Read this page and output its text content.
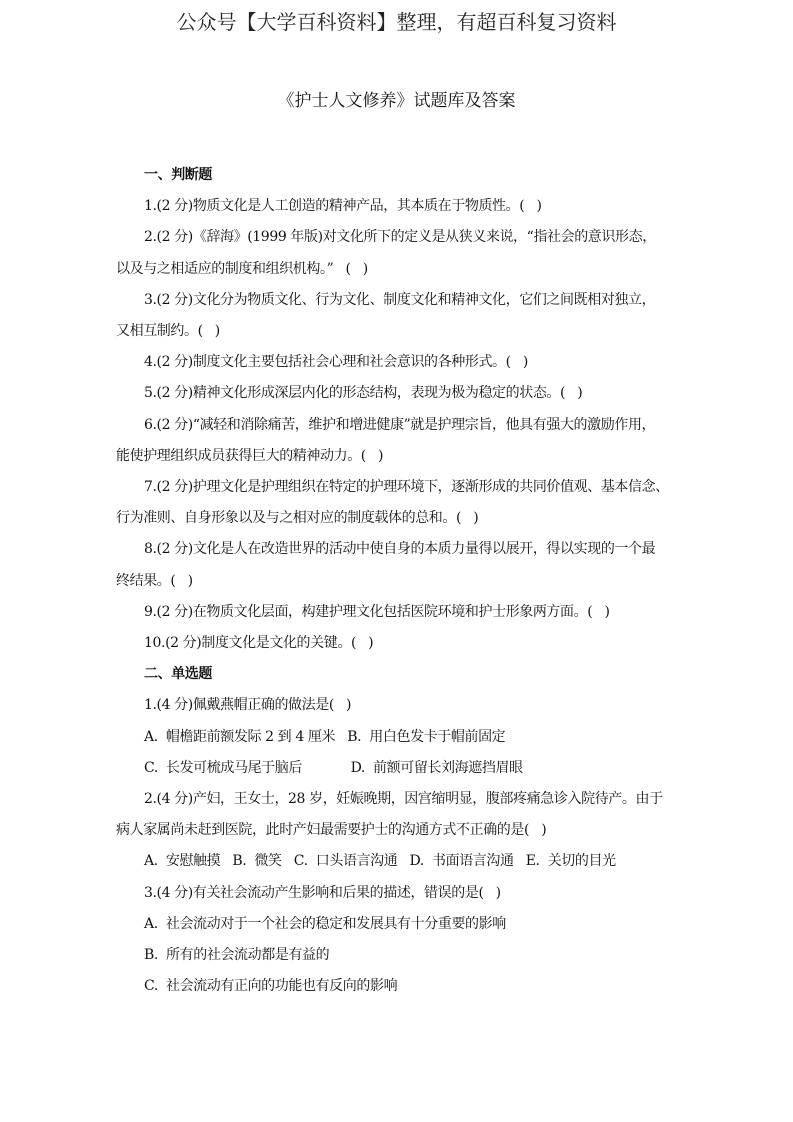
公众号【大学百科资料】整理，有超百科复习资料
《护士人文修养》试题库及答案
一、判断题
1.(2 分)物质文化是人工创造的精神产品，其本质在于物质性。(   )
2.(2 分)《辞海》(1999 年版)对文化所下的定义是从狭义来说，“指社会的意识形态，
以及与之相适应的制度和组织机构。”   (   )
3.(2 分)文化分为物质文化、行为文化、制度文化和精神文化，它们之间既相对独立，
又相互制约。(   )
4.(2 分)制度文化主要包括社会心理和社会意识的各种形式。(   )
5.(2 分)精神文化形成深层内化的形态结构，表现为极为稳定的状态。(   )
6.(2 分)“减轻和消除痛苦，维护和增进健康”就是护理宗旨，他具有强大的激励作用，
能使护理组织成员获得巨大的精神动力。(   )
7.(2 分)护理文化是护理组织在特定的护理环境下，逐渐形成的共同价值观、基本信念、
行为准则、自身形象以及与之相对应的制度载体的总和。(   )
8.(2 分)文化是人在改造世界的活动中使自身的本质力量得以展开，得以实现的一个最
终结果。(   )
9.(2 分)在物质文化层面，构建护理文化包括医院环境和护士形象两方面。(   )
10.(2 分)制度文化是文化的关键。(   )
二、单选题
1.(4 分)佩戴燕帽正确的做法是(   )
A.  帽檐距前额发际 2 到 4 厘米   B.  用白色发卡于帽前固定
C.  长发可梳成马尾于脑后            D.  前额可留长刘海遮挡眉眼
2.(4 分)产妇，王女士，28 岁，妊娠晚期，因宫缩明显，腹部疼痛急诊入院待产。由于
病人家属尚未赶到医院，此时产妇最需要护士的沟通方式不正确的是(   )
A.  安慰触摸   B.  微笑   C.  口头语言沟通   D.  书面语言沟通   E.  关切的目光
3.(4 分)有关社会流动产生影响和后果的描述，错误的是(   )
A.  社会流动对于一个社会的稳定和发展具有十分重要的影响
B.  所有的社会流动都是有益的
C.  社会流动有正向的功能也有反向的影响
